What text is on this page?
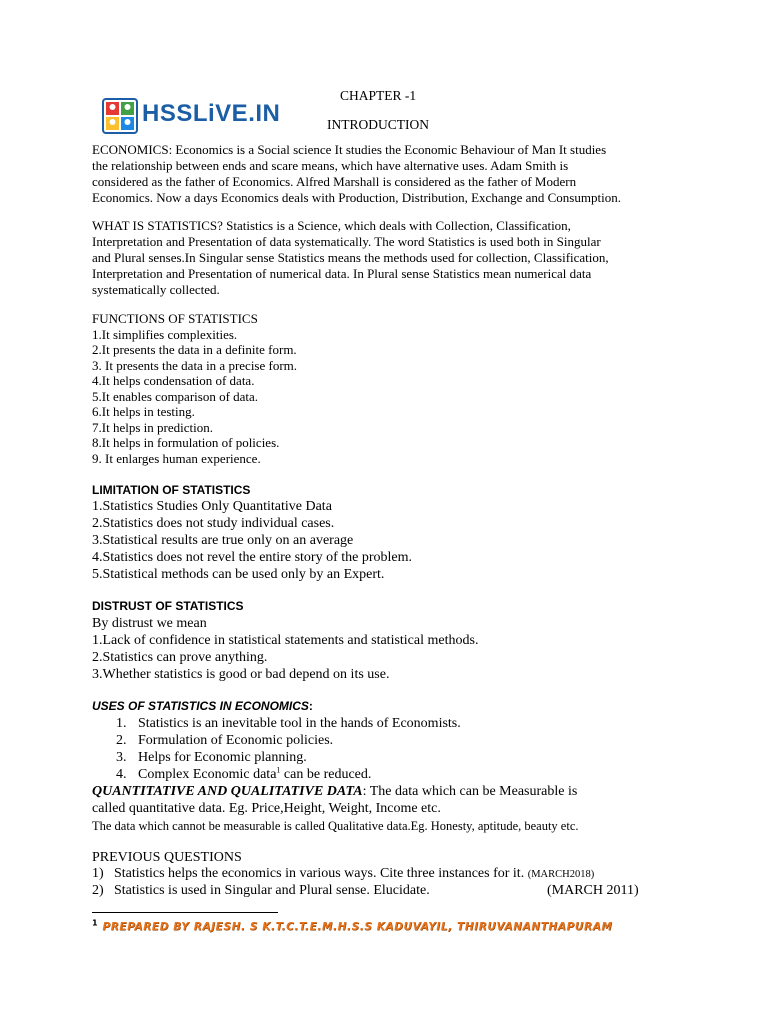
HSSLiVE.IN
CHAPTER -1
INTRODUCTION
ECONOMICS: Economics is a Social science It studies the Economic Behaviour of Man It studies
the relationship between ends and scare means, which have alternative uses. Adam Smith is
considered as the father of Economics. Alfred Marshall is considered as the father of Modern
Economics. Now a days Economics deals with Production, Distribution, Exchange and Consumption.
WHAT IS STATISTICS? Statistics is a Science, which deals with Collection, Classification,
Interpretation and Presentation of data systematically. The word Statistics is used both in Singular
and Plural senses.In Singular sense Statistics means the methods used for collection, Classification,
Interpretation and Presentation of numerical data. In Plural sense Statistics mean numerical data
systematically collected.
FUNCTIONS OF STATISTICS
1.It simplifies complexities.
2.It presents the data in a definite form.
3. It presents the data in a precise form.
4.It helps condensation of data.
5.It enables comparison of data.
6.It helps in testing.
7.It helps in prediction.
8.It helps in formulation of policies.
9. It enlarges human experience.
LIMITATION OF STATISTICS
1.Statistics Studies Only Quantitative Data
2.Statistics does not study individual cases.
3.Statistical results are true only on an average
4.Statistics does not revel the entire story of the problem.
5.Statistical methods can be used only by an Expert.
DISTRUST OF STATISTICS
By distrust we mean
1.Lack of confidence in statistical statements and statistical methods.
2.Statistics can prove anything.
3.Whether statistics is good or bad depend on its use.
USES OF STATISTICS IN ECONOMICS:
1. Statistics is an inevitable tool in the hands of Economists.
2. Formulation of Economic policies.
3. Helps for Economic planning.
4. Complex Economic data$^1$ can be reduced.
QUANTITATIVE AND QUALITATIVE DATA: The data which can be Measurable is
called quantitative data. Eg. Price,Height, Weight, Income etc.
The data which cannot be measurable is called Qualitative data.Eg. Honesty, aptitude, beauty etc.
PREVIOUS QUESTIONS
1) Statistics helps the economics in various ways. Cite three instances for it. (MARCH2018)
2) Statistics is used in Singular and Plural sense. Elucidate.	(MARCH 2011)
$^1$ PREPARED BY RAJESH. S K.T.C.T.E.M.H.S.S KADUVAYIL, THIRUVANANTHAPURAM
